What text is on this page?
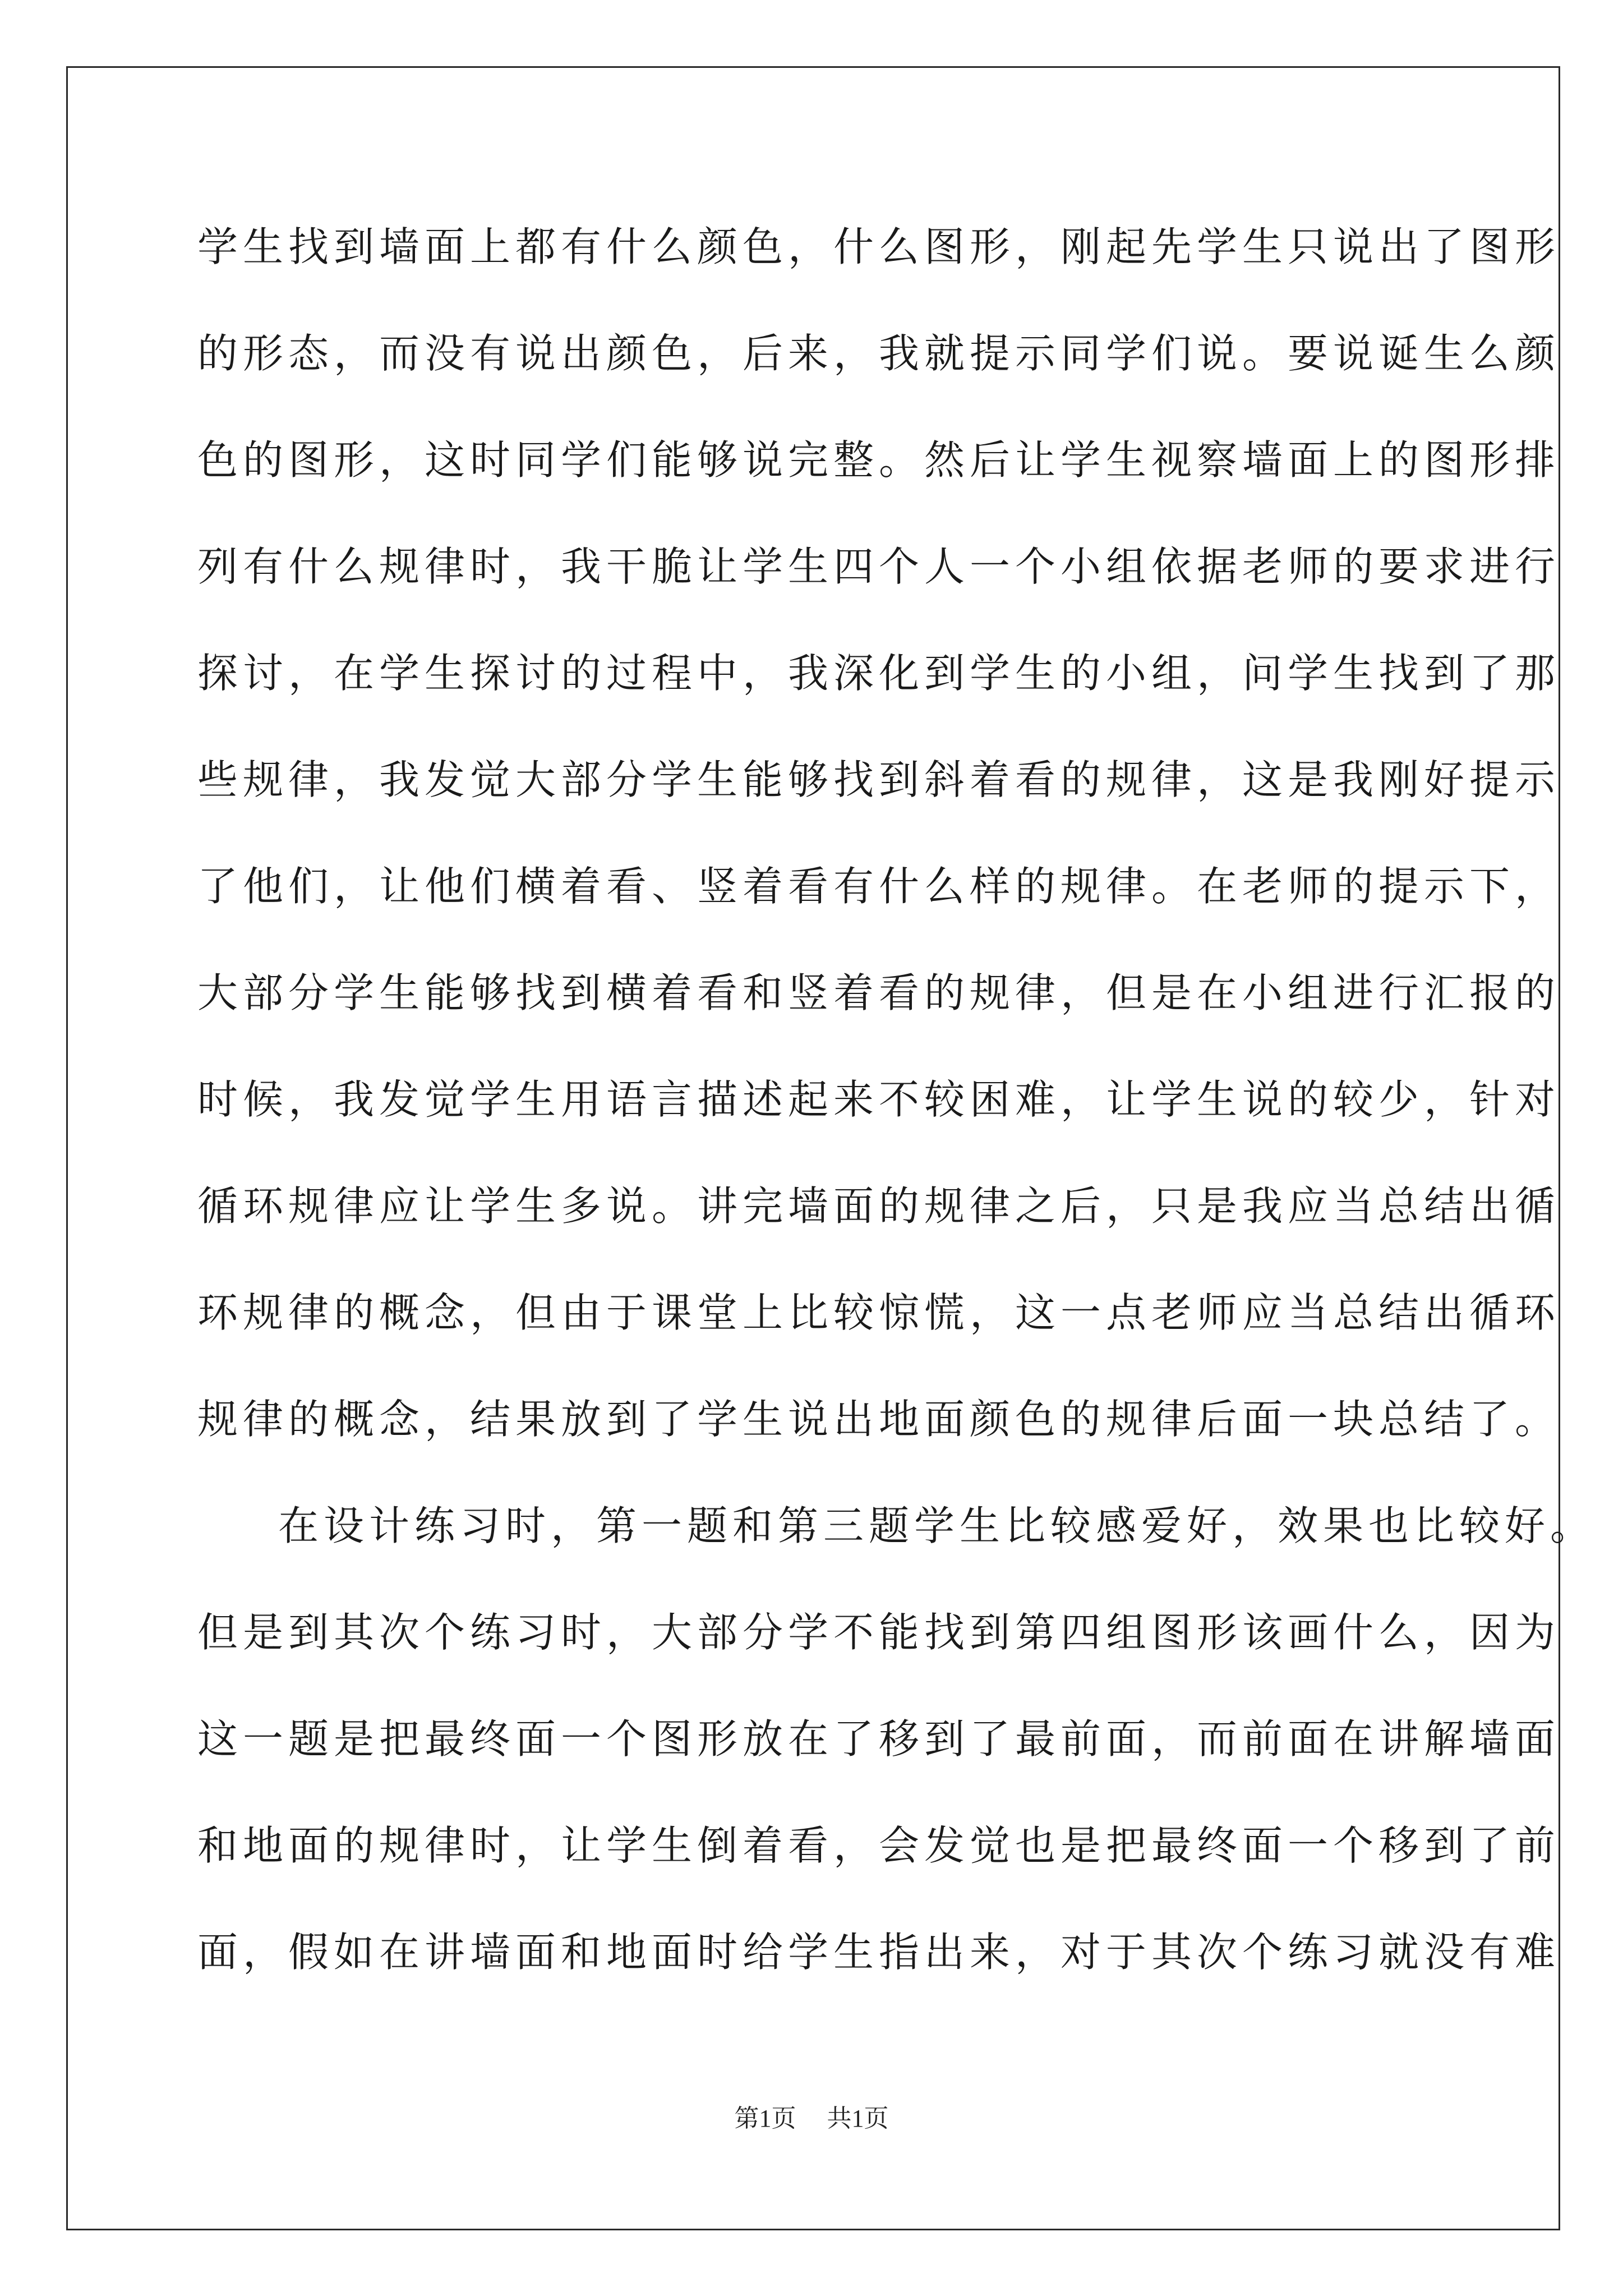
学生找到墙面上都有什么颜色，什么图形，刚起先学生只说出了图形
的形态，而没有说出颜色，后来，我就提示同学们说。要说诞生么颜
色的图形，这时同学们能够说完整。然后让学生视察墙面上的图形排
列有什么规律时，我干脆让学生四个人一个小组依据老师的要求进行
探讨，在学生探讨的过程中，我深化到学生的小组，问学生找到了那
些规律，我发觉大部分学生能够找到斜着看的规律，这是我刚好提示
了他们，让他们横着看、竖着看有什么样的规律。在老师的提示下，
大部分学生能够找到横着看和竖着看的规律，但是在小组进行汇报的
时候，我发觉学生用语言描述起来不较困难，让学生说的较少，针对
循环规律应让学生多说。讲完墙面的规律之后，只是我应当总结出循
环规律的概念，但由于课堂上比较惊慌，这一点老师应当总结出循环
规律的概念，结果放到了学生说出地面颜色的规律后面一块总结了。
在设计练习时，第一题和第三题学生比较感爱好，效果也比较好。
但是到其次个练习时，大部分学不能找到第四组图形该画什么，因为
这一题是把最终面一个图形放在了移到了最前面，而前面在讲解墙面
和地面的规律时，让学生倒着看，会发觉也是把最终面一个移到了前
面，假如在讲墙面和地面时给学生指出来，对于其次个练习就没有难
第1页 共1页
